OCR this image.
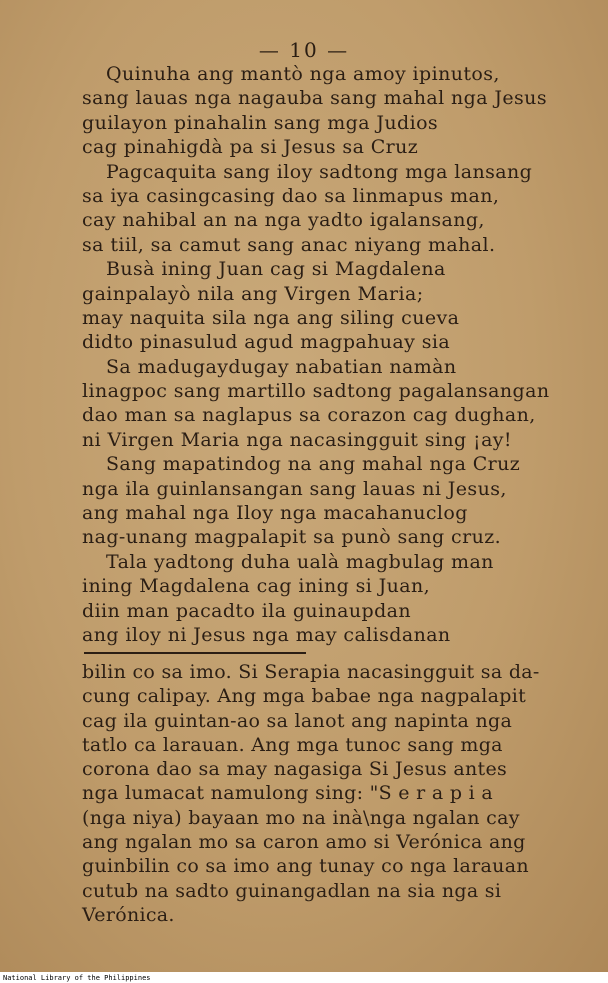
— 10 —
Quinuha ang mantò nga amoy ipinutos,
sang lauas nga nagauba sang mahal nga Jesus
guilayon pinahalin sang mga Judios
cag pinahigdà pa si Jesus sa Cruz
Pagcaquita sang iloy sadtong mga lansang
sa iya casingcasing dao sa linmapus man,
cay nahibal an na nga yadto igalansang,
sa tiil, sa camut sang anac niyang mahal.
Busà ining Juan cag si Magdalena
gainpalayò nila ang Virgen Maria;
may naquita sila nga ang siling cueva
didto pinasulud agud magpahuay sia
Sa madugaydugay nabatian namàn
linagpoc sang martillo sadtong pagalansangan
dao man sa naglapus sa corazon cag dughan,
ni Virgen Maria nga nacasingguit sing ¡ay!
Sang mapatindog na ang mahal nga Cruz
nga ila guinlansangan sang lauas ni Jesus,
ang mahal nga Iloy nga macahanuclog
nag-unang magpalapit sa punò sang cruz.
Tala yadtong duha ualà magbulag man
ining Magdalena cag ining si Juan,
diin man pacadto ila guinaupdan
ang iloy ni Jesus nga may calisdanan
bilin co sa imo. Si Serapia nacasingguit sa da-
cung calipay. Ang mga babae nga nagpalapit
cag ila guintan-ao sa lanot ang napinta nga
tatlo ca larauan. Ang mga tunoc sang mga
corona dao sa may nagasiga Si Jesus antes
nga lumacat namulong sing: "S e r a p i a
(nga niya) bayaan mo na inà\nga ngalan cay
ang ngalan mo sa caron amo si Verónica ang
guinbilin co sa imo ang tunay co nga larauan
cutub na sadto guinangadlan na sia nga si
Verónica.
National Library of the Philippines
